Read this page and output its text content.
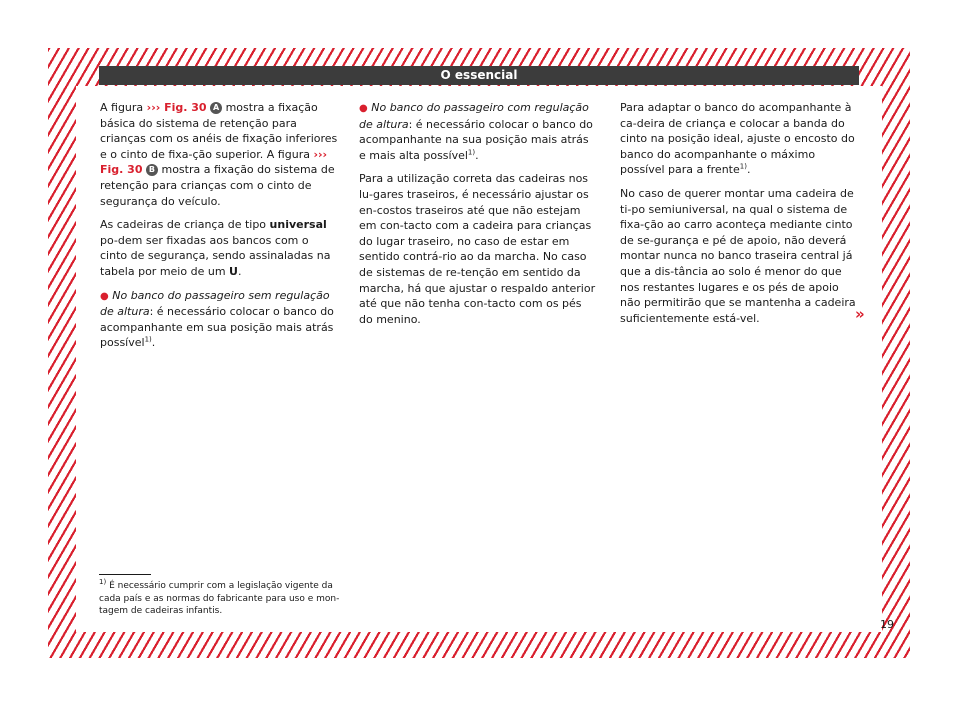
O essencial

A figura ››› Fig. 30 A mostra a fixação básica do sistema de retenção para crianças com os anéis de fixação inferiores e o cinto de fixa-ção superior. A figura ››› Fig. 30 B mostra a fixação do sistema de retenção para crianças com o cinto de segurança do veículo.

As cadeiras de criança de tipo universal po-dem ser fixadas aos bancos com o cinto de segurança, sendo assinaladas na tabela por meio de um U.

● No banco do passageiro sem regulação de altura: é necessário colocar o banco do acompanhante em sua posição mais atrás possível$^{1)}$.

● No banco do passageiro com regulação de altura: é necessário colocar o banco do acompanhante na sua posição mais atrás e mais alta possível$^{1)}$.

Para a utilização correta das cadeiras nos lu-gares traseiros, é necessário ajustar os en-costos traseiros até que não estejam em con-tacto com a cadeira para crianças do lugar traseiro, no caso de estar em sentido contrá-rio ao da marcha. No caso de sistemas de re-tenção em sentido da marcha, há que ajustar o respaldo anterior até que não tenha con-tacto com os pés do menino.

Para adaptar o banco do acompanhante à ca-deira de criança e colocar a banda do cinto na posição ideal, ajuste o encosto do banco do acompanhante o máximo possível para a frente$^{1)}$.

No caso de querer montar uma cadeira de ti-po semiuniversal, na qual o sistema de fixa-ção ao carro aconteça mediante cinto de se-gurança e pé de apoio, não deverá montar nunca no banco traseira central já que a dis-tância ao solo é menor do que nos restantes lugares e os pés de apoio não permitirão que se mantenha a cadeira suficientemente está-vel.	»
$^{1)}$ É necessário cumprir com a legislação vigente da cada país e as normas do fabricante para uso e mon-tagem de cadeiras infantis.
19
